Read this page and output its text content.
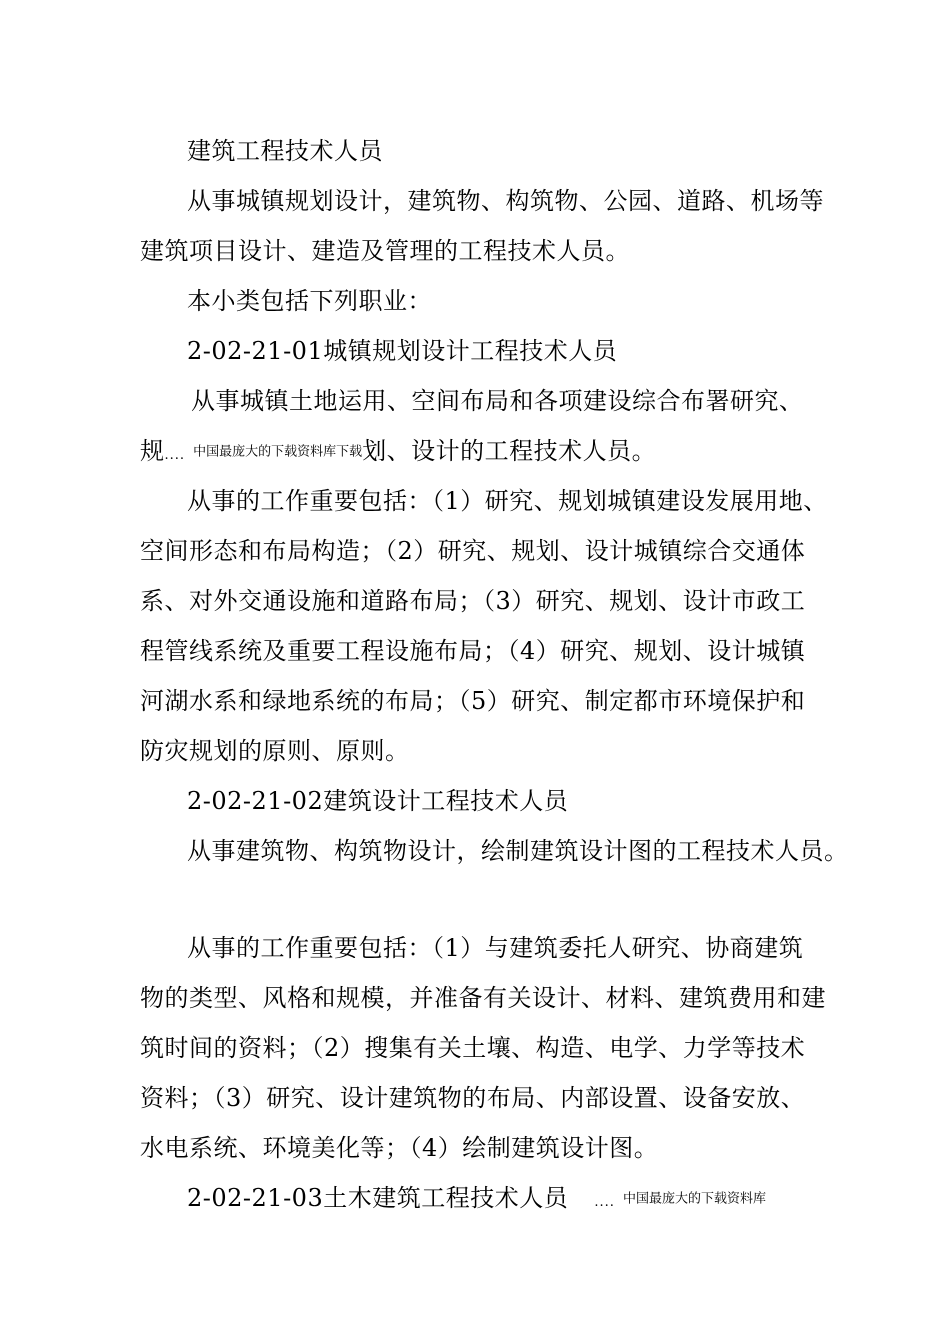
建筑工程技术人员
从事城镇规划设计，建筑物、构筑物、公园、道路、机场等
建筑项目设计、建造及管理的工程技术人员。
本小类包括下列职业：
2-02-21-01城镇规划设计工程技术人员
从事城镇土地运用、空间布局和各项建设综合布署研究、
规.... 中国最庞大的下载资料库下载划、设计的工程技术人员。
从事的工作重要包括：（1）研究、规划城镇建设发展用地、
空间形态和布局构造；（2）研究、规划、设计城镇综合交通体
系、对外交通设施和道路布局；（3）研究、规划、设计市政工
程管线系统及重要工程设施布局；（4）研究、规划、设计城镇
河湖水系和绿地系统的布局；（5）研究、制定都市环境保护和
防灾规划的原则、原则。
2-02-21-02建筑设计工程技术人员
从事建筑物、构筑物设计，绘制建筑设计图的工程技术人员。
从事的工作重要包括：（1）与建筑委托人研究、协商建筑
物的类型、风格和规模，并准备有关设计、材料、建筑费用和建
筑时间的资料；（2）搜集有关土壤、构造、电学、力学等技术
资料；（3）研究、设计建筑物的布局、内部设置、设备安放、
水电系统、环境美化等；（4）绘制建筑设计图。
2-02-21-03土木建筑工程技术人员 .... 中国最庞大的下载资料库
